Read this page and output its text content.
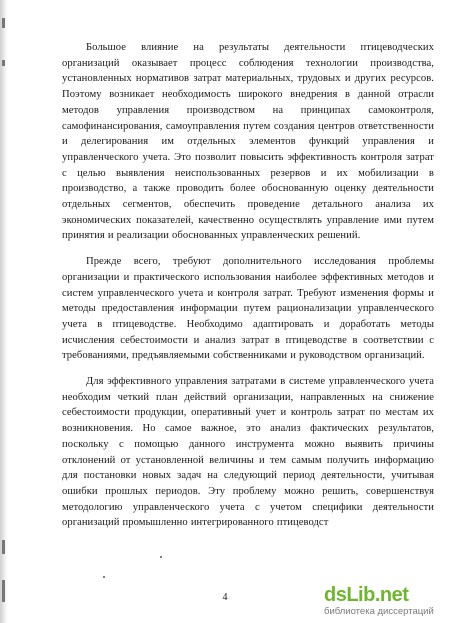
Большое влияние на результаты деятельности птицеводческих организаций оказывает процесс соблюдения технологии производства, установленных нормативов затрат материальных, трудовых и других ресурсов. Поэтому возникает необходимость широкого внедрения в данной отрасли методов управления производством на принципах самоконтроля, самофинансирования, самоуправления путем создания центров ответственности и делегирования им отдельных элементов функций управления и управленческого учета. Это позволит повысить эффективность контроля затрат с целью выявления неиспользованных резервов и их мобилизации в производство, а также проводить более обоснованную оценку деятельности отдельных сегментов, обеспечить проведение детального анализа их экономических показателей, качественно осуществлять управление ими путем принятия и реализации обоснованных управленческих решений.

Прежде всего, требуют дополнительного исследования проблемы организации и практического использования наиболее эффективных методов и систем управленческого учета и контроля затрат. Требуют изменения формы и методы предоставления информации путем рационализации управленческого учета в птицеводстве. Необходимо адаптировать и доработать методы исчисления себестоимости и анализ затрат в птицеводстве в соответствии с требованиями, предъявляемыми собственниками и руководством организаций.

Для эффективного управления затратами в системе управленческого учета необходим четкий план действий организации, направленных на снижение себестоимости продукции, оперативный учет и контроль затрат по местам их возникновения. Но самое важное, это анализ фактических результатов, поскольку с помощью данного инструмента можно выявить причины отклонений от установленной величины и тем самым получить информацию для постановки новых задач на следующий период деятельности, учитывая ошибки прошлых периодов. Эту проблему можно решить, совершенствуя методологию управленческого учета с учетом специфики деятельности организаций промышленно интегрированного птицеводст

4	dsLib.net
библиотека диссертаций
